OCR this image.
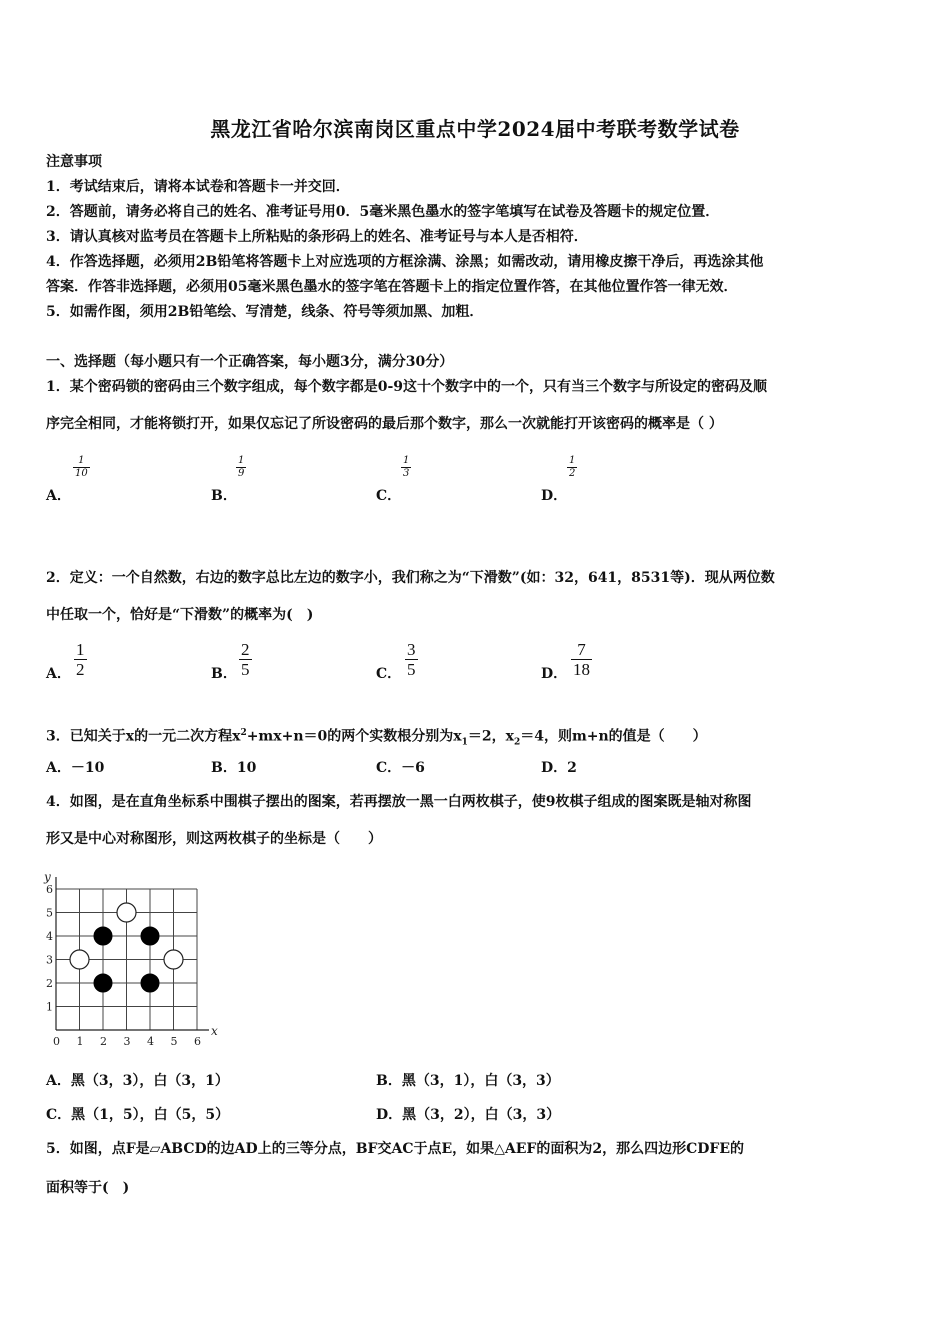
黑龙江省哈尔滨南岗区重点中学2024届中考联考数学试卷
注意事项
1．考试结束后，请将本试卷和答题卡一并交回．
2．答题前，请务必将自己的姓名、准考证号用0．5毫米黑色墨水的签字笔填写在试卷及答题卡的规定位置．
3．请认真核对监考员在答题卡上所粘贴的条形码上的姓名、准考证号与本人是否相符．
4．作答选择题，必须用2B铅笔将答题卡上对应选项的方框涂满、涂黑；如需改动，请用橡皮擦干净后，再选涂其他
答案．作答非选择题，必须用05毫米黑色墨水的签字笔在答题卡上的指定位置作答，在其他位置作答一律无效．
5．如需作图，须用2B铅笔绘、写清楚，线条、符号等须加黑、加粗．
一、选择题（每小题只有一个正确答案，每小题3分，满分30分）
1．某个密码锁的密码由三个数字组成，每个数字都是0-9这十个数字中的一个，只有当三个数字与所设定的密码及顺
序完全相同，才能将锁打开，如果仅忘记了所设密码的最后那个数字，那么一次就能打开该密码的概率是（ ）
A．
$\frac{1}{10}$
B．
$\frac{1}{9}$
C．
$\frac{1}{3}$
D．
$\frac{1}{2}$
2．定义：一个自然数，右边的数字总比左边的数字小，我们称之为“下滑数”(如：32，641，8531等)．现从两位数
中任取一个，恰好是“下滑数”的概率为(　)
A． $\frac{1}{2}$	B． $\frac{2}{5}$	C． $\frac{3}{5}$	D． $\frac{7}{18}$
3．已知关于x的一元二次方程$x^2+mx+n=0$的两个实数根分别为$x_1=2$，$x_2=4$，则m+n的值是（　　）
A．－10	B．10	C．－6	D．2
4．如图，是在直角坐标系中围棋子摆出的图案，若再摆放一黑一白两枚棋子，使9枚棋子组成的图案既是轴对称图
形又是中心对称图形，则这两枚棋子的坐标是（　　）
0 1 2 3 4 5 6
1
2
3
4
5
6
x
y
A．黑（3，3），白（3，1）	B．黑（3，1），白（3，3）
C．黑（1，5），白（5，5）	D．黑（3，2），白（3，3）
5．如图，点F是▱ABCD的边AD上的三等分点，BF交AC于点E，如果△AEF的面积为2，那么四边形CDFE的
面积等于(　)
